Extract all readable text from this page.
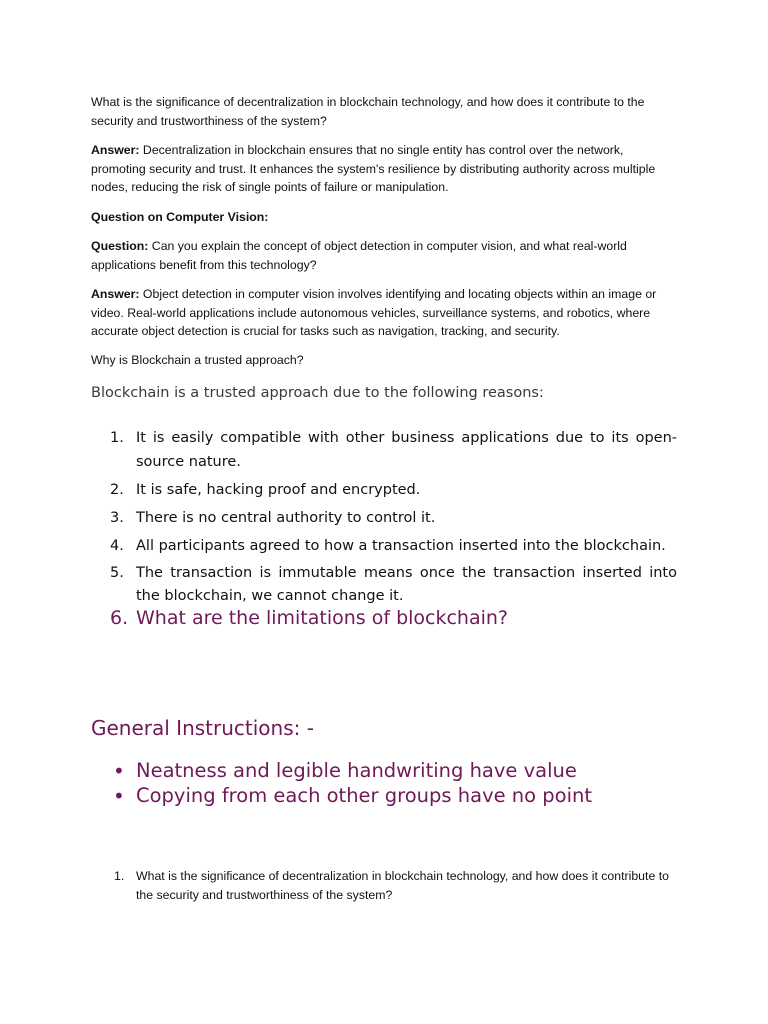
What is the significance of decentralization in blockchain technology, and how does it contribute to the security and trustworthiness of the system?

Answer: Decentralization in blockchain ensures that no single entity has control over the network, promoting security and trust. It enhances the system's resilience by distributing authority across multiple nodes, reducing the risk of single points of failure or manipulation.

Question on Computer Vision:

Question: Can you explain the concept of object detection in computer vision, and what real-world applications benefit from this technology?

Answer: Object detection in computer vision involves identifying and locating objects within an image or video. Real-world applications include autonomous vehicles, surveillance systems, and robotics, where accurate object detection is crucial for tasks such as navigation, tracking, and security.

Why is Blockchain a trusted approach?

Blockchain is a trusted approach due to the following reasons:
1. It is easily compatible with other business applications due to its open-source nature.
2. It is safe, hacking proof and encrypted.
3. There is no central authority to control it.
4. All participants agreed to how a transaction inserted into the blockchain.
5. The transaction is immutable means once the transaction inserted into the blockchain, we cannot change it.
6. What are the limitations of blockchain?
General Instructions: -
• Neatness and legible handwriting have value
• Copying from each other groups have no point
1. What is the significance of decentralization in blockchain technology, and how does it contribute to the security and trustworthiness of the system?
